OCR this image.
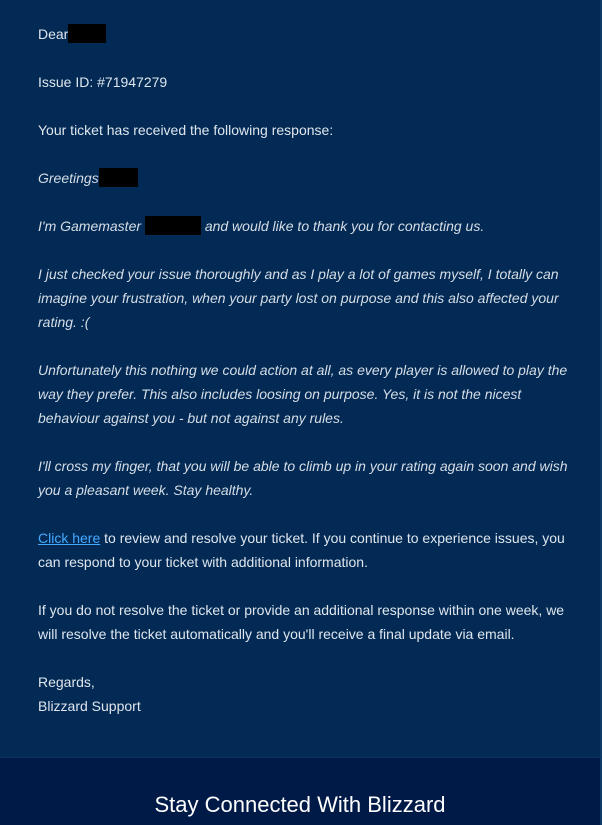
Dear

Issue ID: #71947279

Your ticket has received the following response:

Greetings

I'm Gamemaster	and would like to thank you for contacting us.

I just checked your issue thoroughly and as I play a lot of games myself, I totally can imagine your frustration, when your party lost on purpose and this also affected your rating. :(

Unfortunately this nothing we could action at all, as every player is allowed to play the way they prefer. This also includes loosing on purpose. Yes, it is not the nicest behaviour against you - but not against any rules.

I'll cross my finger, that you will be able to climb up in your rating again soon and wish you a pleasant week. Stay healthy.

Click here to review and resolve your ticket. If you continue to experience issues, you can respond to your ticket with additional information.

If you do not resolve the ticket or provide an additional response within one week, we will resolve the ticket automatically and you'll receive a final update via email.

Regards,
Blizzard Support
Stay Connected With Blizzard
